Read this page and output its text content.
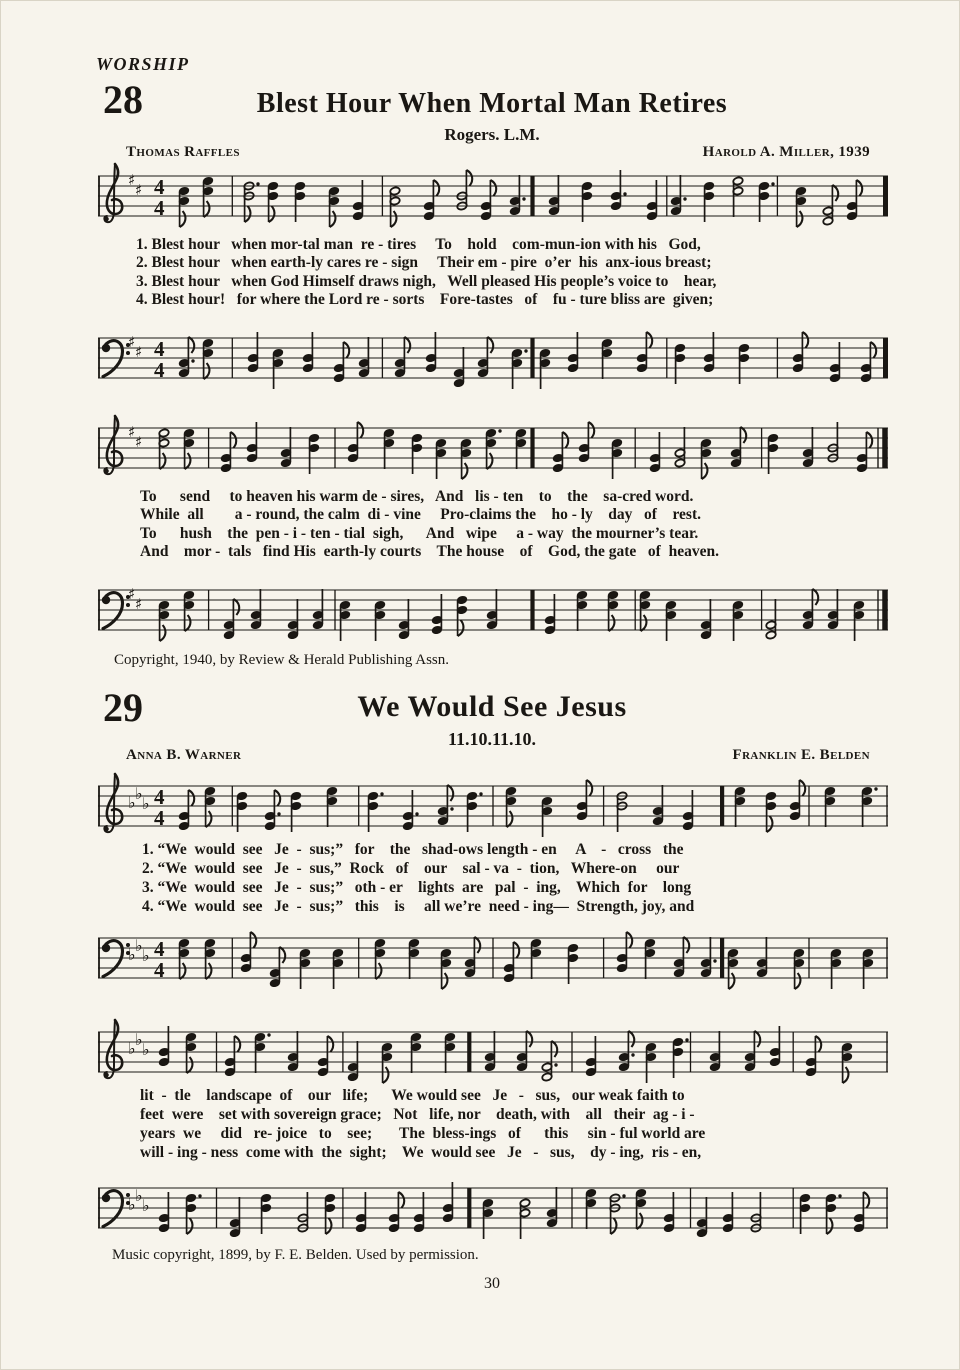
WORSHIP
28	Blest Hour When Mortal Man Retires
Rogers. L.M.
Thomas Raffles	Harold A. Miller, 1939
♯
♯ 4
4
1. Blest hour   when mor-tal man  re - tires     To    hold    com-mun-ion with his   God,
2. Blest hour   when earth-ly cares re - sign     Their em - pire  o’er  his  anx-ious breast;
3. Blest hour   when God Himself draws nigh,   Well pleased His people’s voice to    hear,
4. Blest hour!   for where the Lord re - sorts    Fore-tastes   of    fu - ture bliss are  given;
♯
♯ 4
4
♯
♯
To      send     to heaven his warm de - sires,   And   lis - ten    to    the    sa-cred word.
While  all        a - round, the calm  di - vine     Pro-claims the    ho - ly    day   of    rest.
To      hush    the  pen - i - ten - tial  sigh,      And   wipe     a - way  the mourner’s tear.
And    mor -  tals   find His  earth-ly courts    The house    of    God, the gate   of  heaven.
♯
♯
Copyright, 1940, by Review & Herald Publishing Assn.
29	We Would See Jesus
11.10.11.10.
Anna B. Warner	Franklin E. Belden
♭ ♭
♭ 4
4
1. “We  would  see   Je  -  sus;”   for    the   shad-ows length - en     A    -   cross   the
2. “We  would  see   Je  -  sus,”  Rock   of    our    sal - va  -  tion,   Where-on     our
3. “We  would  see   Je  -  sus;”   oth - er    lights  are   pal  -  ing,    Which  for    long
4. “We  would  see   Je  -  sus;”   this    is     all we’re  need - ing—  Strength, joy, and
♭ ♭
♭ 4
4
♭ ♭
♭
lit  -  tle    landscape  of    our   life;      We would see   Je   -   sus,   our weak faith to
feet  were    set with sovereign grace;   Not   life, nor    death, with    all   their  ag - i -
years  we     did   re- joice   to    see;       The  bless-ings   of      this     sin - ful world are
will - ing - ness  come with  the  sight;    We  would see   Je   -   sus,    dy - ing,  ris - en,
♭ ♭
♭
Music copyright, 1899, by F. E. Belden. Used by permission.
30
